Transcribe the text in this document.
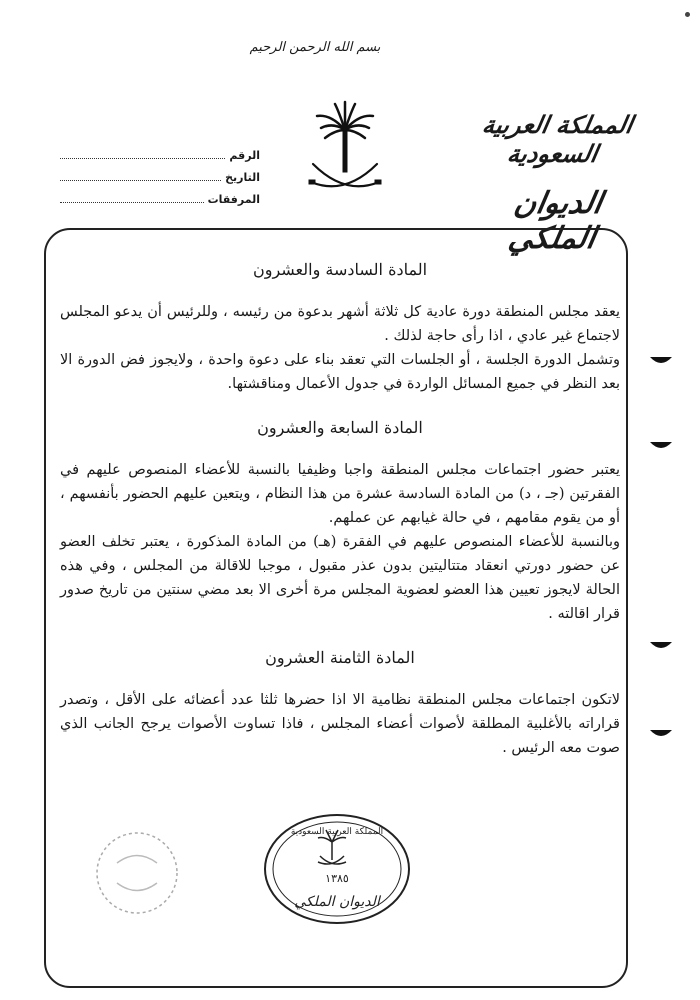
بسم الله الرحمن الرحيم
المملكة العربية السعودية
الديوان الملكي
الرقم
التاريخ
المرفقات
المادة السادسة والعشرون

يعقد مجلس المنطقة دورة عادية كل ثلاثة أشهر بدعوة من رئيسه ، وللرئيس أن يدعو المجلس لاجتماع غير عادي ، اذا رأى حاجة لذلك .

وتشمل الدورة الجلسة ، أو الجلسات التي تعقد بناء على دعوة واحدة ، ولايجوز فض الدورة الا بعد النظر في جميع المسائل الواردة في جدول الأعمال ومناقشتها.

المادة السابعة والعشرون

يعتبر حضور اجتماعات مجلس المنطقة واجبا وظيفيا بالنسبة للأعضاء المنصوص عليهم في الفقرتين (جـ ، د) من المادة السادسة عشرة من هذا النظام ، ويتعين عليهم الحضور بأنفسهم ، أو من يقوم مقامهم ، في حالة غيابهم عن عملهم.

وبالنسبة للأعضاء المنصوص عليهم في الفقرة (هـ) من المادة المذكورة ، يعتبر تخلف العضو عن حضور دورتي انعقاد متتاليتين بدون عذر مقبول ، موجبا للاقالة من المجلس ، وفي هذه الحالة لايجوز تعيين هذا العضو لعضوية المجلس مرة أخرى الا بعد مضي سنتين من تاريخ صدور قرار اقالته .

المادة الثامنة العشرون

لاتكون اجتماعات مجلس المنطقة نظامية الا اذا حضرها ثلثا عدد أعضائه على الأقل ، وتصدر قراراته بالأغلبية المطلقة لأصوات أعضاء المجلس ، فاذا تساوت الأصوات يرجح الجانب الذي صوت معه الرئيس .

المملكة العربية السعودية
١٣٨٥
الديوان الملكي
